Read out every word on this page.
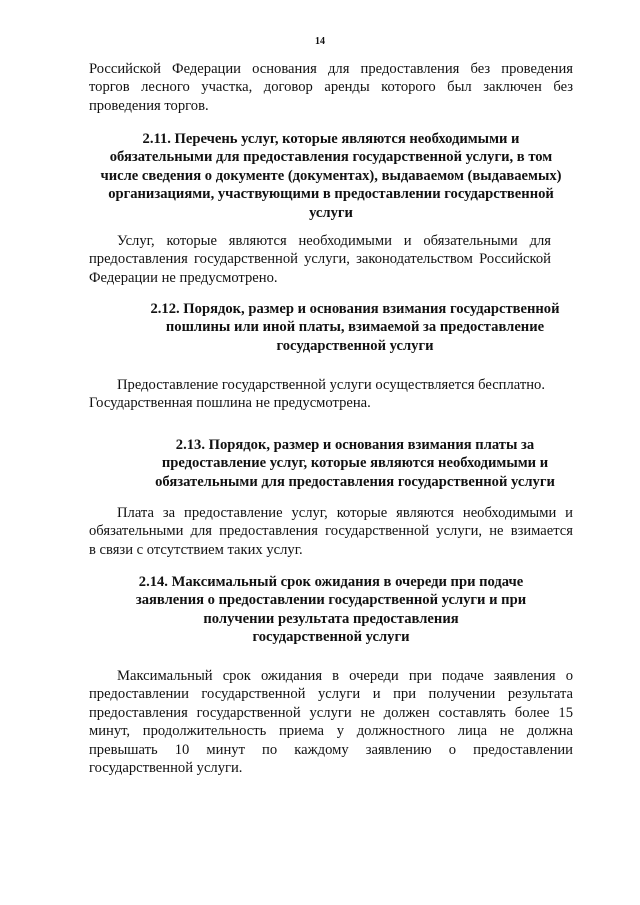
14
Российской Федерации основания для предоставления без проведения
торгов лесного участка, договор аренды которого был заключен без
проведения торгов.
2.11. Перечень услуг, которые являются необходимыми и
обязательными для предоставления государственной услуги, в том
числе сведения о документе (документах), выдаваемом (выдаваемых)
организациями, участвующими в предоставлении государственной
услуги
Услуг, которые являются необходимыми и обязательными для
предоставления государственной услуги, законодательством Российской
Федерации не предусмотрено.
2.12. Порядок, размер и основания взимания государственной
пошлины или иной платы, взимаемой за предоставление
государственной услуги
Предоставление государственной услуги осуществляется бесплатно.
Государственная пошлина не предусмотрена.
2.13. Порядок, размер и основания взимания платы за
предоставление услуг, которые являются необходимыми и
обязательными для предоставления государственной услуги
Плата за предоставление услуг, которые являются необходимыми и
обязательными для предоставления государственной услуги, не взимается
в связи с отсутствием таких услуг.
2.14. Максимальный срок ожидания в очереди при подаче
заявления о предоставлении государственной услуги и при
получении результата предоставления
государственной услуги
Максимальный срок ожидания в очереди при подаче заявления о
предоставлении государственной услуги и при получении результата
предоставления государственной услуги не должен составлять более 15
минут, продолжительность приема у должностного лица не должна
превышать 10 минут по каждому заявлению о предоставлении
государственной услуги.
